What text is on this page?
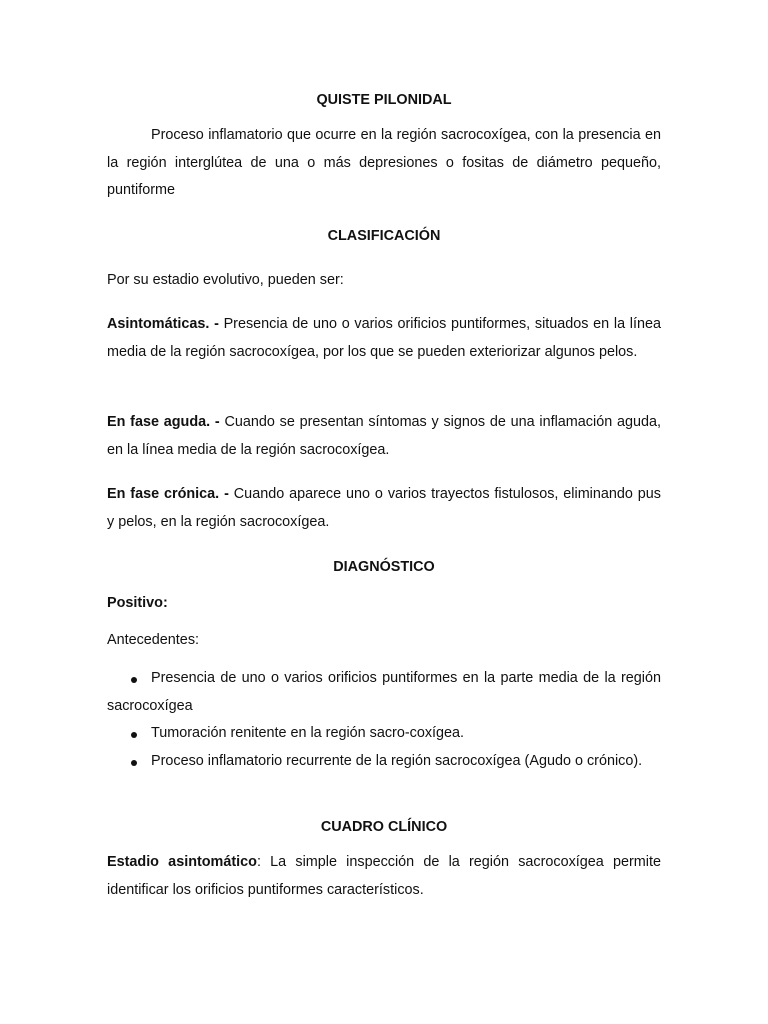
QUISTE PILONIDAL

Proceso inflamatorio que ocurre en la región sacrocoxígea, con la presencia en la región interglútea de una o más depresiones o fositas de diámetro pequeño, puntiforme

CLASIFICACIÓN

Por su estadio evolutivo, pueden ser:

Asintomáticas. - Presencia de uno o varios orificios puntiformes, situados en la línea media de la región sacrocoxígea, por los que se pueden exteriorizar algunos pelos.

En fase aguda. - Cuando se presentan síntomas y signos de una inflamación aguda, en la línea media de la región sacrocoxígea.

En fase crónica. - Cuando aparece uno o varios trayectos fistulosos, eliminando pus y pelos, en la región sacrocoxígea.

DIAGNÓSTICO

Positivo:

Antecedentes:

Presencia de uno o varios orificios puntiformes en la parte media de la región sacrocoxígea
Tumoración renitente en la región sacro-coxígea.
Proceso inflamatorio recurrente de la región sacrocoxígea (Agudo o crónico).
CUADRO CLÍNICO

Estadio asintomático: La simple inspección de la región sacrocoxígea permite identificar los orificios puntiformes característicos.
